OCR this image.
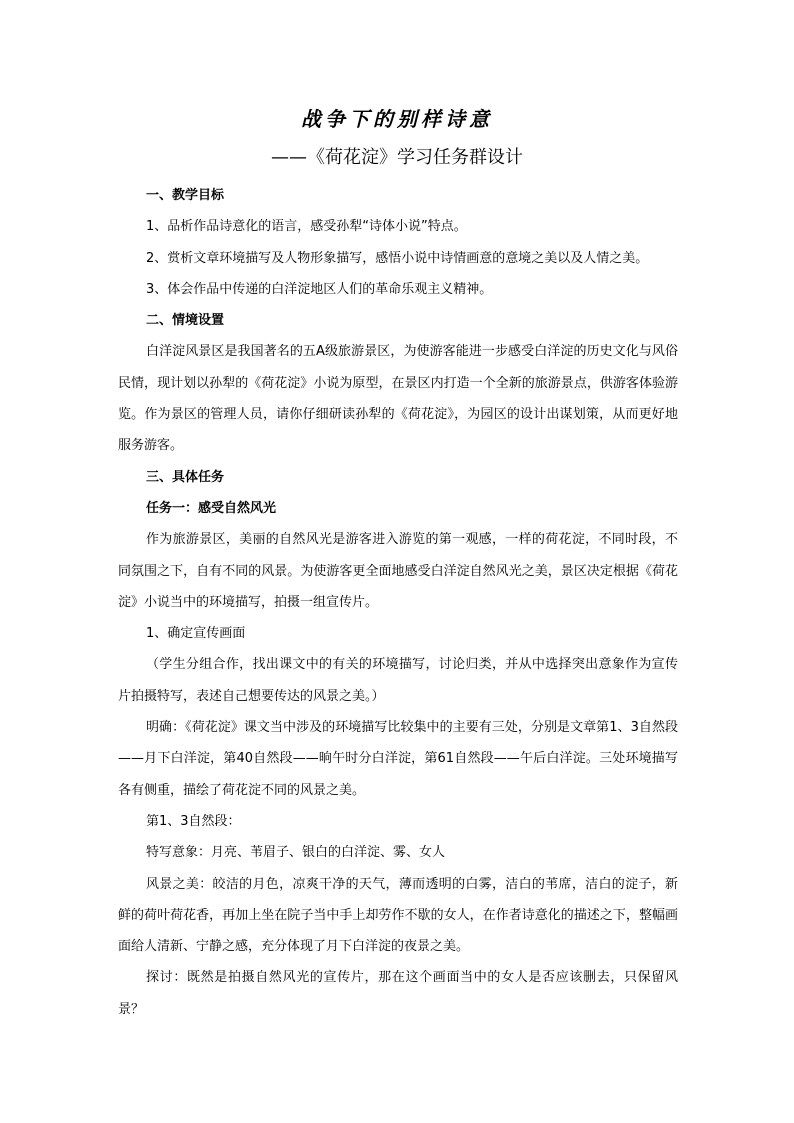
战争下的别样诗意
——《荷花淀》学习任务群设计

一、教学目标

1、品析作品诗意化的语言，感受孙犁“诗体小说”特点。

2、赏析文章环境描写及人物形象描写，感悟小说中诗情画意的意境之美以及人情之美。

3、体会作品中传递的白洋淀地区人们的革命乐观主义精神。

二、情境设置

白洋淀风景区是我国著名的五A级旅游景区，为使游客能进一步感受白洋淀的历史文化与风俗民情，现计划以孙犁的《荷花淀》小说为原型，在景区内打造一个全新的旅游景点，供游客体验游览。作为景区的管理人员，请你仔细研读孙犁的《荷花淀》，为园区的设计出谋划策，从而更好地服务游客。

三、具体任务

任务一：感受自然风光

作为旅游景区，美丽的自然风光是游客进入游览的第一观感，一样的荷花淀，不同时段，不同氛围之下，自有不同的风景。为使游客更全面地感受白洋淀自然风光之美，景区决定根据《荷花淀》小说当中的环境描写，拍摄一组宣传片。

1、确定宣传画面

（学生分组合作，找出课文中的有关的环境描写，讨论归类，并从中选择突出意象作为宣传片拍摄特写，表述自己想要传达的风景之美。）

明确：《荷花淀》课文当中涉及的环境描写比较集中的主要有三处，分别是文章第1、3自然段——月下白洋淀，第40自然段——晌午时分白洋淀，第61自然段——午后白洋淀。三处环境描写各有侧重，描绘了荷花淀不同的风景之美。

第1、3自然段：

特写意象：月亮、苇眉子、银白的白洋淀、雾、女人

风景之美：皎洁的月色，凉爽干净的天气，薄而透明的白雾，洁白的苇席，洁白的淀子，新鲜的荷叶荷花香，再加上坐在院子当中手上却劳作不歇的女人，在作者诗意化的描述之下，整幅画面给人清新、宁静之感，充分体现了月下白洋淀的夜景之美。

探讨：既然是拍摄自然风光的宣传片，那在这个画面当中的女人是否应该删去，只保留风景？
